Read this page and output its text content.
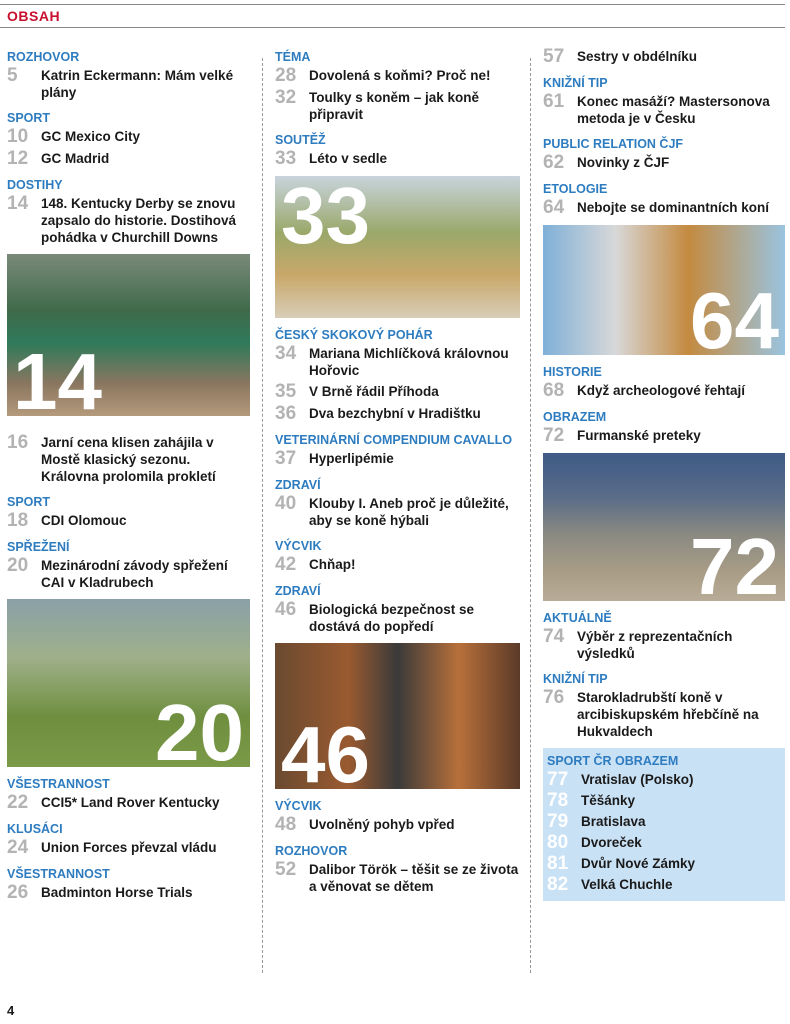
OBSAH
ROZHOVOR
5	Katrin Eckermann: Mám velké plány
SPORT
10 GC Mexico City
12 GC Madrid
DOSTIHY
14 148. Kentucky Derby se znovu zapsalo do historie. Dostihová pohádka v Churchill Downs
14
16 Jarní cena klisen zahájila v Mostě klasický sezonu. Královna prolomila prokletí
SPORT
18 CDI Olomouc
SPŘEŽENÍ
20 Mezinárodní závody spřežení CAI v Kladrubech
20
VŠESTRANNOST
22 CCI5* Land Rover Kentucky
KLUSÁCI
24 Union Forces převzal vládu
VŠESTRANNOST
26 Badminton Horse Trials
TÉMA
28 Dovolená s koňmi? Proč ne!
32 Toulky s koněm – jak koně připravit
SOUTĚŽ
33 Léto v sedle
33
ČESKÝ SKOKOVÝ POHÁR
34 Mariana Michlíčková královnou Hořovic
35 V Brně řádil Příhoda
36 Dva bezchybní v Hradištku
VETERINÁRNÍ COMPENDIUM CAVALLO
37 Hyperlipémie
ZDRAVÍ
40 Klouby I. Aneb proč je důležité, aby se koně hýbali
VÝCVIK
42 Chňap!
ZDRAVÍ
46 Biologická bezpečnost se dostává do popředí
46
VÝCVIK
48 Uvolněný pohyb vpřed
ROZHOVOR
52 Dalibor Török – těšit se ze života a věnovat se dětem
57 Sestry v obdélníku
KNIŽNÍ TIP
61 Konec masáží? Mastersonova metoda je v Česku
PUBLIC RELATION ČJF
62 Novinky z ČJF
ETOLOGIE
64 Nebojte se dominantních koní
64
HISTORIE
68 Když archeologové řehtají
OBRAZEM
72 Furmanské preteky
72
AKTUÁLNĚ
74 Výběr z reprezentačních výsledků
KNIŽNÍ TIP
76 Starokladrubští koně v arcibiskupském hřebčíně na Hukvaldech
SPORT ČR OBRAZEM
77 Vratislav (Polsko)
78 Těšánky
79 Bratislava
80 Dvoreček
81 Dvůr Nové Zámky
82 Velká Chuchle
4
